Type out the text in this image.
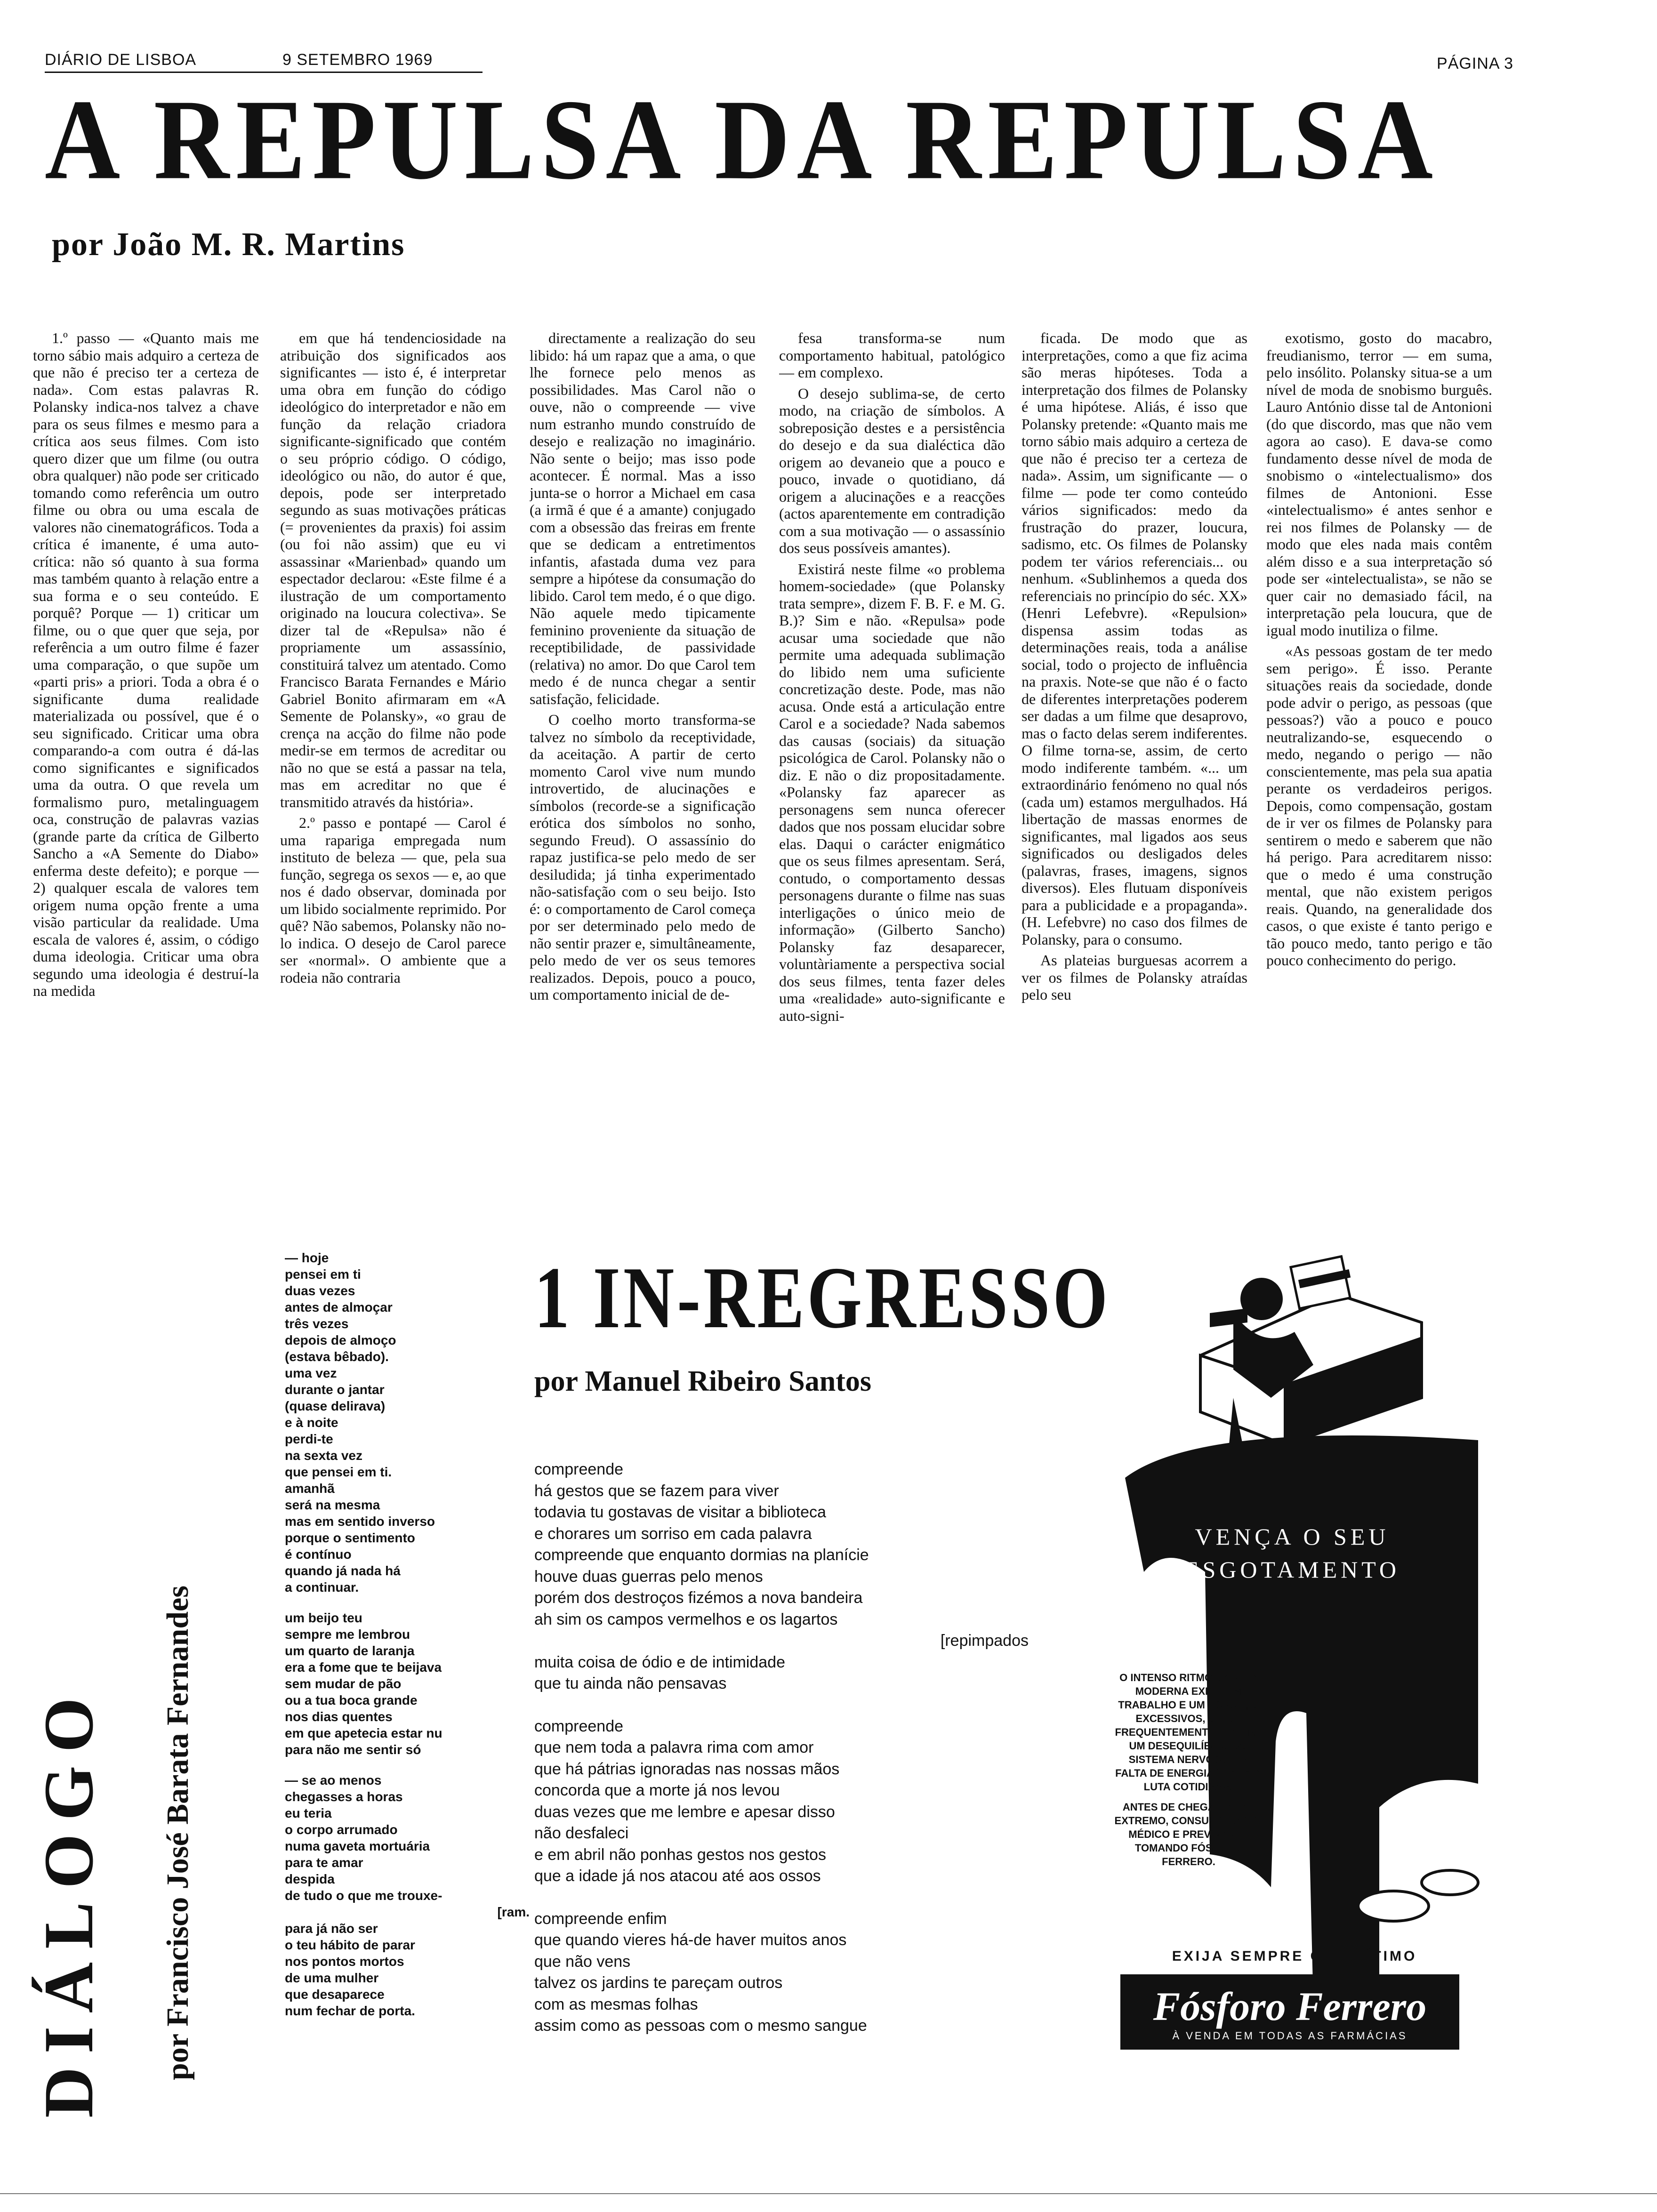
DIÁRIO DE LISBOA	9 SETEMBRO 1969	PÁGINA 3
A REPULSA DA REPULSA
por João M. R. Martins

1.º passo — «Quanto mais me torno sábio mais adquiro a certeza de que não é preciso ter a certeza de nada». Com estas palavras R. Polansky indica-nos talvez a chave para os seus filmes e mesmo para a crítica aos seus filmes. Com isto quero dizer que um filme (ou outra obra qualquer) não pode ser criticado tomando como referência um outro filme ou obra ou uma escala de valores não cinematográficos. Toda a crítica é imanente, é uma auto-crítica: não só quanto à sua forma mas também quanto à relação entre a sua forma e o seu conteúdo. E porquê? Porque — 1) criticar um filme, ou o que quer que seja, por referência a um outro filme é fazer uma comparação, o que supõe um «parti pris» a priori. Toda a obra é o significante duma realidade materializada ou possível, que é o seu significado. Criticar uma obra comparando-a com outra é dá-las como significantes e significados uma da outra. O que revela um formalismo puro, metalinguagem oca, construção de palavras vazias (grande parte da crítica de Gilberto Sancho a «A Semente do Diabo» enferma deste defeito); e porque — 2) qualquer escala de valores tem origem numa opção frente a uma visão particular da realidade. Uma escala de valores é, assim, o código duma ideologia. Criticar uma obra segundo uma ideologia é destruí-la na medida

em que há tendenciosidade na atribuição dos significados aos significantes — isto é, é interpretar uma obra em função do código ideológico do interpretador e não em função da relação criadora significante-significado que contém o seu próprio código. O código, ideológico ou não, do autor é que, depois, pode ser interpretado segundo as suas motivações práticas (= provenientes da praxis) foi assim (ou foi não assim) que eu vi assassinar «Marienbad» quando um espectador declarou: «Este filme é a ilustração de um comportamento originado na loucura colectiva». Se dizer tal de «Repulsa» não é propriamente um assassínio, constituirá talvez um atentado. Como Francisco Barata Fernandes e Mário Gabriel Bonito afirmaram em «A Semente de Polansky», «o grau de crença na acção do filme não pode medir-se em termos de acreditar ou não no que se está a passar na tela, mas em acreditar no que é transmitido através da história».

2.º passo e pontapé — Carol é uma rapariga empregada num instituto de beleza — que, pela sua função, segrega os sexos — e, ao que nos é dado observar, dominada por um libido socialmente reprimido. Por quê? Não sabemos, Polansky não no-lo indica. O desejo de Carol parece ser «normal». O ambiente que a rodeia não contraria

directamente a realização do seu libido: há um rapaz que a ama, o que lhe fornece pelo menos as possibilidades. Mas Carol não o ouve, não o compreende — vive num estranho mundo construído de desejo e realização no imaginário. Não sente o beijo; mas isso pode acontecer. É normal. Mas a isso junta-se o horror a Michael em casa (a irmã é que é a amante) conjugado com a obsessão das freiras em frente que se dedicam a entretimentos infantis, afastada duma vez para sempre a hipótese da consumação do libido. Carol tem medo, é o que digo. Não aquele medo tipicamente feminino proveniente da situação de receptibilidade, de passividade (relativa) no amor. Do que Carol tem medo é de nunca chegar a sentir satisfação, felicidade.

O coelho morto transforma-se talvez no símbolo da receptividade, da aceitação. A partir de certo momento Carol vive num mundo introvertido, de alucinações e símbolos (recorde-se a significação erótica dos símbolos no sonho, segundo Freud). O assassínio do rapaz justifica-se pelo medo de ser desiludida; já tinha experimentado não-satisfação com o seu beijo. Isto é: o comportamento de Carol começa por ser determinado pelo medo de não sentir prazer e, simultâneamente, pelo medo de ver os seus temores realizados. Depois, pouco a pouco, um comportamento inicial de de-

fesa transforma-se num comportamento habitual, patológico — em complexo.

O desejo sublima-se, de certo modo, na criação de símbolos. A sobreposição destes e a persistência do desejo e da sua dialéctica dão origem ao devaneio que a pouco e pouco, invade o quotidiano, dá origem a alucinações e a reacções (actos aparentemente em contradição com a sua motivação — o assassínio dos seus possíveis amantes).

Existirá neste filme «o problema homem-sociedade» (que Polansky trata sempre», dizem F. B. F. e M. G. B.)? Sim e não. «Repulsa» pode acusar uma sociedade que não permite uma adequada sublimação do libido nem uma suficiente concretização deste. Pode, mas não acusa. Onde está a articulação entre Carol e a sociedade? Nada sabemos das causas (sociais) da situação psicológica de Carol. Polansky não o diz. E não o diz propositadamente. «Polansky faz aparecer as personagens sem nunca oferecer dados que nos possam elucidar sobre elas. Daqui o carácter enigmático que os seus filmes apresentam. Será, contudo, o comportamento dessas personagens durante o filme nas suas interligações o único meio de informação» (Gilberto Sancho) Polansky faz desaparecer, voluntàriamente a perspectiva social dos seus filmes, tenta fazer deles uma «realidade» auto-significante e auto-signi-

ficada. De modo que as interpretações, como a que fiz acima são meras hipóteses. Toda a interpretação dos filmes de Polansky é uma hipótese. Aliás, é isso que Polansky pretende: «Quanto mais me torno sábio mais adquiro a certeza de que não é preciso ter a certeza de nada». Assim, um significante — o filme — pode ter como conteúdo vários significados: medo da frustração do prazer, loucura, sadismo, etc. Os filmes de Polansky podem ter vários referenciais... ou nenhum. «Sublinhemos a queda dos referenciais no princípio do séc. XX» (Henri Lefebvre). «Repulsion» dispensa assim todas as determinações reais, toda a análise social, todo o projecto de influência na praxis. Note-se que não é o facto de diferentes interpretações poderem ser dadas a um filme que desaprovo, mas o facto delas serem indiferentes. O filme torna-se, assim, de certo modo indiferente também. «... um extraordinário fenómeno no qual nós (cada um) estamos mergulhados. Há libertação de massas enormes de significantes, mal ligados aos seus significados ou desligados deles (palavras, frases, imagens, signos diversos). Eles flutuam disponíveis para a publicidade e a propaganda». (H. Lefebvre) no caso dos filmes de Polansky, para o consumo.

As plateias burguesas acorrem a ver os filmes de Polansky atraídas pelo seu

exotismo, gosto do macabro, freudianismo, terror — em suma, pelo insólito. Polansky situa-se a um nível de moda de snobismo burguês. Lauro António disse tal de Antonioni (do que discordo, mas que não vem agora ao caso). E dava-se como fundamento desse nível de moda de snobismo o «intelectualismo» dos filmes de Antonioni. Esse «intelectualismo» é antes senhor e rei nos filmes de Polansky — de modo que eles nada mais contêm além disso e a sua interpretação só pode ser «intelectualista», se não se quer cair no demasiado fácil, na interpretação pela loucura, que de igual modo inutiliza o filme.

«As pessoas gostam de ter medo sem perigo». É isso. Perante situações reais da sociedade, donde pode advir o perigo, as pessoas (que pessoas?) vão a pouco e pouco neutralizando-se, esquecendo o medo, negando o perigo — não conscientemente, mas pela sua apatia perante os verdadeiros perigos. Depois, como compensação, gostam de ir ver os filmes de Polansky para sentirem o medo e saberem que não há perigo. Para acreditarem nisso: que o medo é uma construção mental, que não existem perigos reais. Quando, na generalidade dos casos, o que existe é tanto perigo e tão pouco medo, tanto perigo e tão pouco conhecimento do perigo.

DIÁLOGO por Francisco José Barata Fernandes
— hoje
pensei em ti
duas vezes
antes de almoçar
três vezes
depois de almoço
(estava bêbado).
uma vez
durante o jantar
(quase delirava)
e à noite
perdi-te
na sexta vez
que pensei em ti.
amanhã
será na mesma
mas em sentido inverso
porque o sentimento
é contínuo
quando já nada há
a continuar.
um beijo teu
sempre me lembrou
um quarto de laranja
era a fome que te beijava
sem mudar de pão
ou a tua boca grande
nos dias quentes
em que apetecia estar nu
para não me sentir só
— se ao menos
chegasses a horas
eu teria
o corpo arrumado
numa gaveta mortuária
para te amar
despida
de tudo o que me trouxe-
[ram.
para já não ser
o teu hábito de parar
nos pontos mortos
de uma mulher
que desaparece
num fechar de porta.
1 IN-REGRESSO
por Manuel Ribeiro Santos
compreende
há gestos que se fazem para viver
todavia tu gostavas de visitar a biblioteca
e chorares um sorriso em cada palavra
compreende que enquanto dormias na planície
houve duas guerras pelo menos
porém dos destroços fizémos a nova bandeira
ah sim os campos vermelhos e os lagartos
[repimpados
muita coisa de ódio e de intimidade
que tu ainda não pensavas
compreende
que nem toda a palavra rima com amor
que há pátrias ignoradas nas nossas mãos
concorda que a morte já nos levou
duas vezes que me lembre e apesar disso
não desfaleci
e em abril não ponhas gestos nos gestos
que a idade já nos atacou até aos ossos
compreende enfim
que quando vieres há-de haver muitos anos
que não vens
talvez os jardins te pareçam outros
com as mesmas folhas
assim como as pessoas com o mesmo sangue
VENÇA O SEU
ESGOTAMENTO

O INTENSO RITMO DA VIDA MODERNA EXIGE UM TRABALHO E UM ESFORÇO EXCESSIVOS, O QUE FREQUENTEMENTE ORIGINA UM DESEQUILÍBRIO DO SISTEMA NERVOSO E A FALTA DE ENERGIAS PARA A LUTA COTIDIANA.

ANTES DE CHEGAR A TAL EXTREMO, CONSULTE O SEU MÉDICO E PREVINA-SE, TOMANDO FÓSFORO FERRERO.

EXIJA SEMPRE O LEGÍTIMO
Fósforo Ferrero
À VENDA EM TODAS AS FARMÁCIAS
